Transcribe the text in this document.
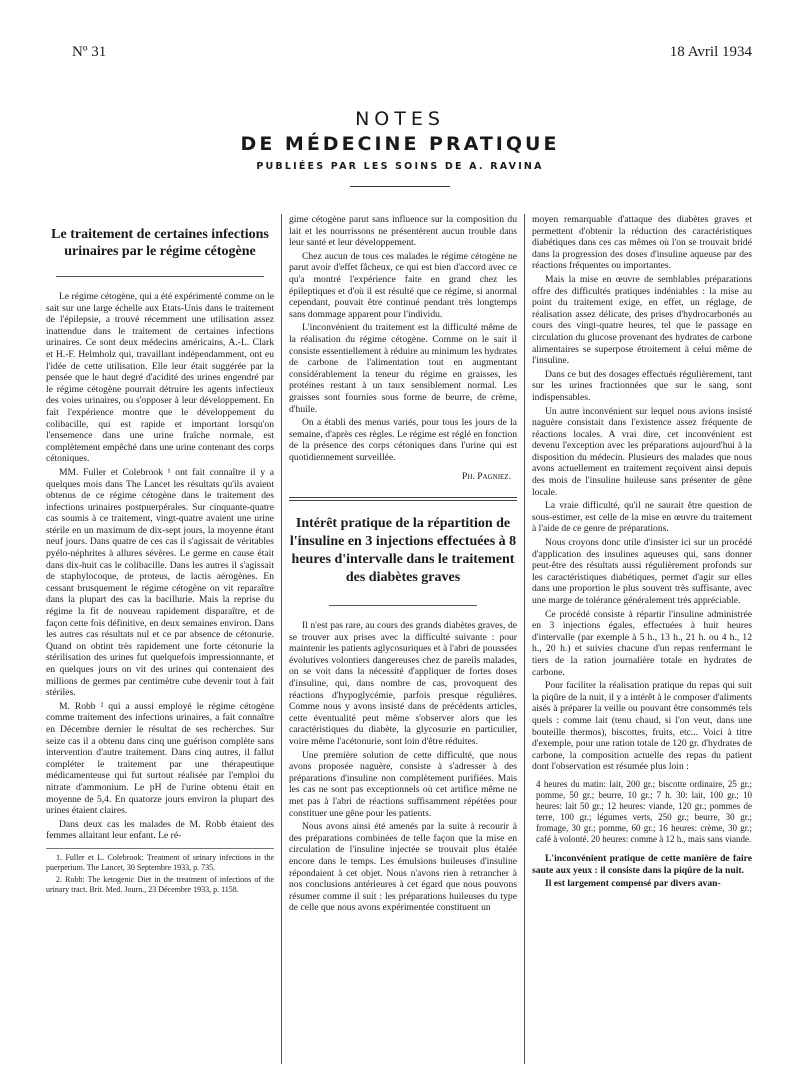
Nº 31	18 Avril 1934
NOTES
DE MÉDECINE PRATIQUE
PUBLIÉES PAR LES SOINS DE A. RAVINA
Le traitement de certaines infections urinaires par le régime cétogène

Le régime cétogène, qui a été expérimenté comme on le sait sur une large échelle aux Etats-Unis dans le traitement de l'épilepsie, a trouvé récemment une utilisation assez inattendue dans le traitement de certaines infections urinaires. Ce sont deux médecins américains, A.-L. Clark et H.-F. Helmholz qui, travaillant indépendamment, ont eu l'idée de cette utilisation. Elle leur était suggérée par la pensée que le haut degré d'acidité des urines engendré par le régime cétogène pourrait détruire les agents infectieux des voies urinaires, ou s'opposer à leur développement. En fait l'expérience montre que le développement du colibacille, qui est rapide et important lorsqu'on l'ensemence dans une urine fraîche normale, est complètement empêché dans une urine contenant des corps cétoniques.

MM. Fuller et Colebrook ¹ ont fait connaître il y a quelques mois dans The Lancet les résultats qu'ils avaient obtenus de ce régime cétogène dans le traitement des infections urinaires postpuerpérales. Sur cinquante-quatre cas soumis à ce traitement, vingt-quatre avaient une urine stérile en un maximum de dix-sept jours, la moyenne étant neuf jours. Dans quatre de ces cas il s'agissait de véritables pyélo-néphrites à allures sévères. Le germe en cause était dans dix-huit cas le colibacille. Dans les autres il s'agissait de staphylocoque, de proteus, de lactis aérogènes. En cessant brusquement le régime cétogène on vit reparaître dans la plupart des cas la bacillurie. Mais la reprise du régime la fit de nouveau rapidement disparaître, et de façon cette fois définitive, en deux semaines environ. Dans les autres cas résultats nul et ce par absence de cétonurie. Quand on obtint très rapidement une forte cétonurie la stérilisation des urines fut quelquefois impressionnante, et en quelques jours on vit des urines qui contenaient des millions de germes par centimètre cube devenir tout à fait stériles.

M. Robb ² qui a aussi employé le régime cétogène comme traitement des infections urinaires, a fait connaître en Décembre dernier le résultat de ses recherches. Sur seize cas il a obtenu dans cinq une guérison complète sans intervention d'autre traitement. Dans cinq autres, il fallut compléter le traitement par une thérapeutique médicamenteuse qui fut surtout réalisée par l'emploi du nitrate d'ammonium. Le pH de l'urine obtenu était en moyenne de 5,4. En quatorze jours environ la plupart des urines étaient claires.

Dans deux cas les malades de M. Robb étaient des femmes allaitant leur enfant. Le ré-

1. Fuller et L. Colebrook: Treatment of urinary infections in the puerperium. The Lancet, 30 Septembre 1933, p. 735.

2. Robb: The ketogenic Diet in the treatment of infections of the urinary tract. Brit. Med. Journ., 23 Décembre 1933, p. 1158.

gime cétogène parut sans influence sur la composition du lait et les nourrissons ne présentèrent aucun trouble dans leur santé et leur développement.

Chez aucun de tous ces malades le régime cétogène ne parut avoir d'effet fâcheux, ce qui est bien d'accord avec ce qu'a montré l'expérience faite en grand chez les épileptiques et d'où il est résulté que ce régime, si anormal cependant, pouvait être continué pendant très longtemps sans dommage apparent pour l'individu.

L'inconvénient du traitement est la difficulté même de la réalisation du régime cétogène. Comme on le sait il consiste essentiellement à réduire au minimum les hydrates de carbone de l'alimentation tout en augmentant considérablement la teneur du régime en graisses, les protéines restant à un taux sensiblement normal. Les graisses sont fournies sous forme de beurre, de crème, d'huile.

On a établi des menus variés, pour tous les jours de la semaine, d'après ces règles. Le régime est réglé en fonction de la présence des corps cétoniques dans l'urine qui est quotidiennement surveillée.

Ph. Pagniez.
Intérêt pratique de la répartition de l'insuline en 3 injections effectuées à 8 heures d'intervalle dans le traitement des diabètes graves

Il n'est pas rare, au cours des grands diabètes graves, de se trouver aux prises avec la difficulté suivante : pour maintenir les patients aglycosuriques et à l'abri de poussées évolutives volontiers dangereuses chez de pareils malades, on se voit dans la nécessité d'appliquer de fortes doses d'insuline, qui, dans nombre de cas, provoquent des réactions d'hypoglycémie, parfois presque régulières. Comme nous y avons insisté dans de précédents articles, cette éventualité peut même s'observer alors que les caractéristiques du diabète, la glycosurie en particulier, voire même l'acétonurie, sont loin d'être réduites.

Une première solution de cette difficulté, que nous avons proposée naguère, consiste à s'adresser à des préparations d'insuline non complètement purifiées. Mais les cas ne sont pas exceptionnels où cet artifice même ne met pas à l'abri de réactions suffisamment répétées pour constituer une gêne pour les patients.

Nous avons ainsi été amenés par la suite à recourir à des préparations combinées de telle façon que la mise en circulation de l'insuline injectée se trouvait plus étalée encore dans le temps. Les émulsions huileuses d'insuline répondaient à cet objet. Nous n'avons rien à retrancher à nos conclusions antérieures à cet égard que nous pouvons résumer comme il suit : les préparations huileuses du type de celle que nous avons expérimentée constituent un

moyen remarquable d'attaque des diabètes graves et permettent d'obtenir la réduction des caractéristiques diabétiques dans ces cas mêmes où l'on se trouvait bridé dans la progression des doses d'insuline aqueuse par des réactions fréquentes ou importantes.

Mais la mise en œuvre de semblables préparations offre des difficultés pratiques indéniables : la mise au point du traitement exige, en effet, un réglage, de réalisation assez délicate, des prises d'hydrocarbonés au cours des vingt-quatre heures, tel que le passage en circulation du glucose provenant des hydrates de carbone alimentaires se superpose étroitement à celui même de l'insuline.

Dans ce but des dosages effectués régulièrement, tant sur les urines fractionnées que sur le sang, sont indispensables.

Un autre inconvénient sur lequel nous avions insisté naguère consistait dans l'existence assez fréquente de réactions locales. A vrai dire, cet inconvénient est devenu l'exception avec les préparations aujourd'hui à la disposition du médecin. Plusieurs des malades que nous avons actuellement en traitement reçoivent ainsi depuis des mois de l'insuline huileuse sans présenter de gêne locale.

La vraie difficulté, qu'il ne saurait être question de sous-estimer, est celle de la mise en œuvre du traitement à l'aide de ce genre de préparations.

Nous croyons donc utile d'insister ici sur un procédé d'application des insulines aqueuses qui, sans donner peut-être des résultats aussi régulièrement profonds sur les caractéristiques diabétiques, permet d'agir sur elles dans une proportion le plus souvent très suffisante, avec une marge de tolérance généralement très appréciable.

Ce procédé consiste à répartir l'insuline administrée en 3 injections égales, effectuées à huit heures d'intervalle (par exemple à 5 h., 13 h., 21 h. ou 4 h., 12 h., 20 h.) et suivies chacune d'un repas renfermant le tiers de la ration journalière totale en hydrates de carbone.

Pour faciliter la réalisation pratique du repas qui suit la piqûre de la nuit, il y a intérêt à le composer d'aliments aisés à préparer la veille ou pouvant être consommés tels quels : comme lait (tenu chaud, si l'on veut, dans une bouteille thermos), biscottes, fruits, etc... Voici à titre d'exemple, pour une ration totale de 120 gr. d'hydrates de carbone, la composition actuelle des repas du patient dont l'observation est résumée plus loin :

4 heures du matin: lait, 200 gr.; biscotte ordinaire, 25 gr.; pomme, 50 gr.; beurre, 10 gr.; 7 h. 30: lait, 100 gr.; 10 heures: lait 50 gr.; 12 heures: viande, 120 gr.; pommes de terre, 100 gr.; légumes verts, 250 gr.; beurre, 30 gr.; fromage, 30 gr.; pomme, 60 gr.; 16 heures: crème, 30 gr.; café à volonté. 20 heures: comme à 12 h., mais sans viande.

L'inconvénient pratique de cette manière de faire saute aux yeux : il consiste dans la piqûre de la nuit.

Il est largement compensé par divers avan-
